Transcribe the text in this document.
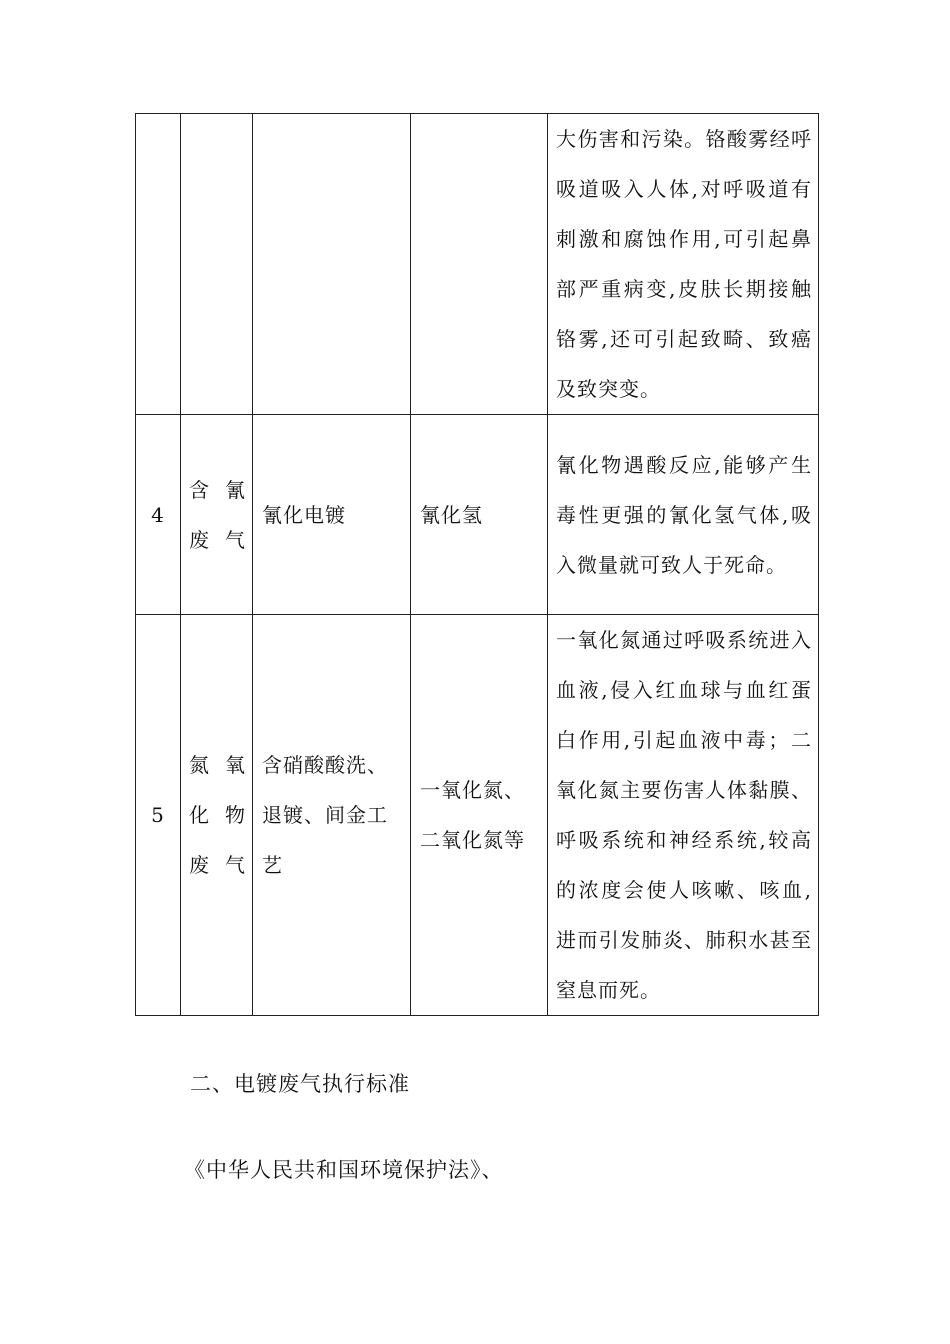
				大伤害和污染。铬酸雾经呼吸道吸入人体,对呼吸道有刺激和腐蚀作用,可引起鼻部严重病变,皮肤长期接触铬雾,还可引起致畸、致癌及致突变。
4	含氰废气	氰化电镀	氰化氢	氰化物遇酸反应,能够产生毒性更强的氰化氢气体,吸入微量就可致人于死命。
5	氮氧化物废气	含硝酸酸洗、退镀、间金工艺	一氧化氮、二氧化氮等	一氧化氮通过呼吸系统进入血液,侵入红血球与血红蛋白作用,引起血液中毒；二氧化氮主要伤害人体黏膜、呼吸系统和神经系统,较高的浓度会使人咳嗽、咳血,进而引发肺炎、肺积水甚至窒息而死。
二、电镀废气执行标准
《中华人民共和国环境保护法》、
